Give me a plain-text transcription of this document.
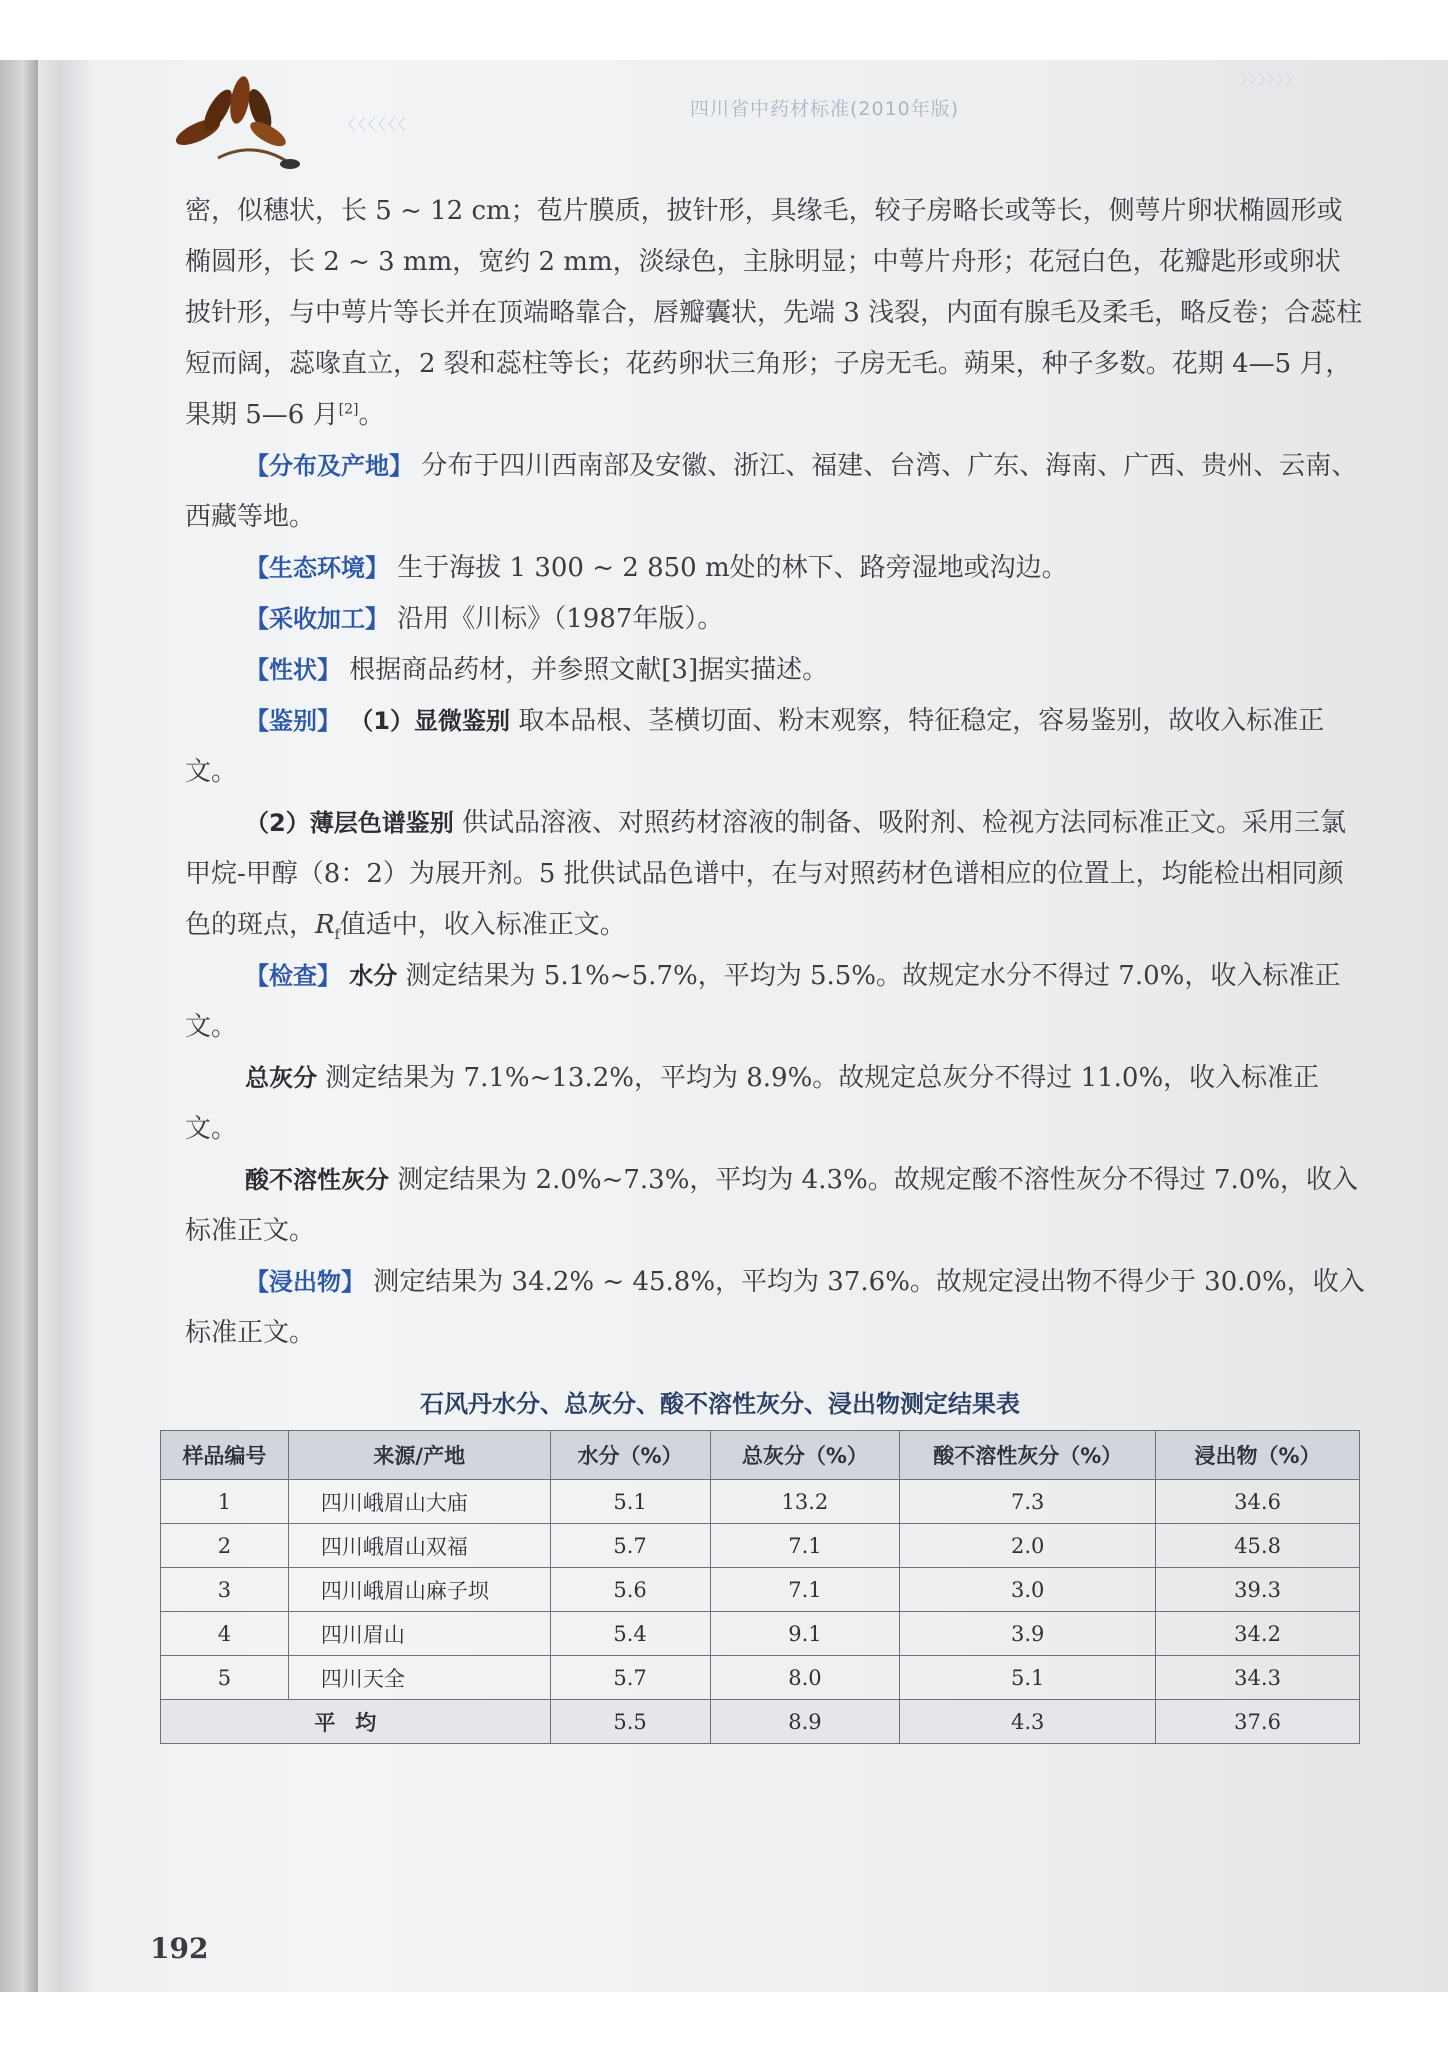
〈〈〈〈〈〈
〉〉〉〉〉〉
四川省中药材标准(2010年版)

密，似穗状，长 5 ~ 12 cm；苞片膜质，披针形，具缘毛，较子房略长或等长，侧萼片卵状椭圆形或椭圆形，长 2 ~ 3 mm，宽约 2 mm，淡绿色，主脉明显；中萼片舟形；花冠白色，花瓣匙形或卵状披针形，与中萼片等长并在顶端略靠合，唇瓣囊状，先端 3 浅裂，内面有腺毛及柔毛，略反卷；合蕊柱短而阔，蕊喙直立，2 裂和蕊柱等长；花药卵状三角形；子房无毛。蒴果，种子多数。花期 4—5 月，果期 5—6 月[2]。

【分布及产地】 分布于四川西南部及安徽、浙江、福建、台湾、广东、海南、广西、贵州、云南、西藏等地。

【生态环境】 生于海拔 1 300 ~ 2 850 m处的林下、路旁湿地或沟边。

【采收加工】 沿用《川标》（1987年版）。

【性状】 根据商品药材，并参照文献[3]据实描述。

【鉴别】 （1）显微鉴别 取本品根、茎横切面、粉末观察，特征稳定，容易鉴别，故收入标准正文。

（2）薄层色谱鉴别 供试品溶液、对照药材溶液的制备、吸附剂、检视方法同标准正文。采用三氯甲烷-甲醇（8：2）为展开剂。5 批供试品色谱中，在与对照药材色谱相应的位置上，均能检出相同颜色的斑点，$R_f$值适中，收入标准正文。

【检查】 水分 测定结果为 5.1%~5.7%，平均为 5.5%。故规定水分不得过 7.0%，收入标准正文。

总灰分 测定结果为 7.1%~13.2%，平均为 8.9%。故规定总灰分不得过 11.0%，收入标准正文。

酸不溶性灰分 测定结果为 2.0%~7.3%，平均为 4.3%。故规定酸不溶性灰分不得过 7.0%，收入标准正文。

【浸出物】 测定结果为 34.2% ~ 45.8%，平均为 37.6%。故规定浸出物不得少于 30.0%，收入标准正文。

石风丹水分、总灰分、酸不溶性灰分、浸出物测定结果表
样品编号	来源/产地	水分（%）	总灰分（%）	酸不溶性灰分（%）	浸出物（%）
1	四川峨眉山大庙	5.1	13.2	7.3	34.6
2	四川峨眉山双福	5.7	7.1	2.0	45.8
3	四川峨眉山麻子坝	5.6	7.1	3.0	39.3
4	四川眉山	5.4	9.1	3.9	34.2
5	四川天全	5.7	8.0	5.1	34.3
平均		5.5	8.9	4.3	37.6
192
